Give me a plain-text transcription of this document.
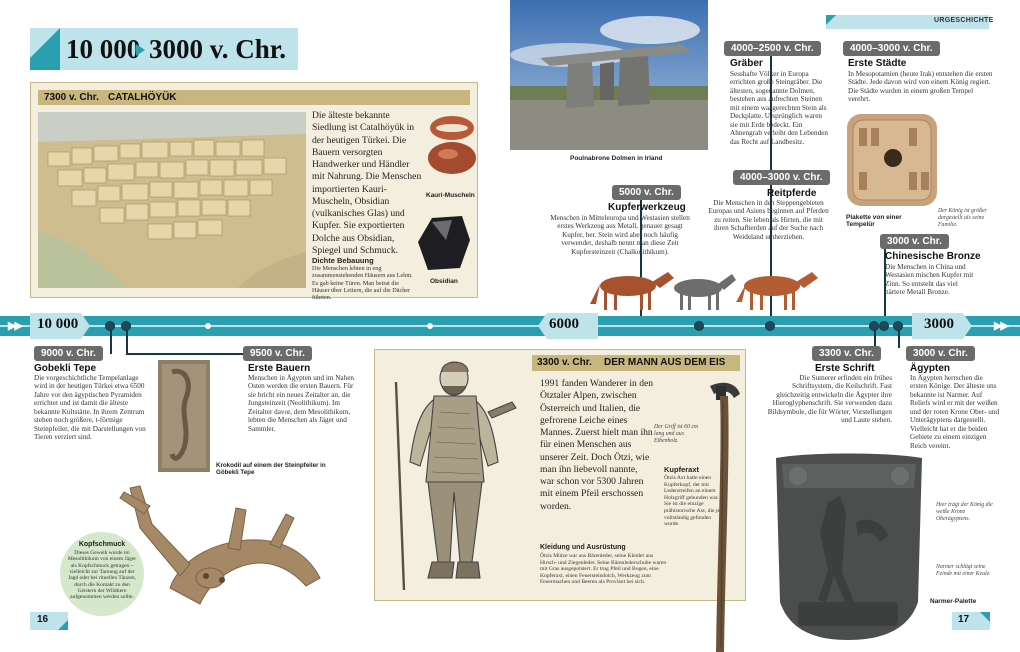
10 000 3000 v. Chr.
7300 v. Chr. CATALHÖYÜK
Die älteste bekannte Siedlung ist Catalhöyük in der heutigen Türkei. Die Bauern versorgten Handwerker und Händler mit Nahrung. Die Menschen importierten Kauri-Muscheln, Obsidian (vulkanisches Glas) und Kupfer. Sie exportierten Dolche aus Obsidian, Spiegel und Schmuck.
Kauri-Muscheln
Obsidian
Dichte Bebauung
Die Menschen lebten in eng zusammenstehenden Häusern aus Lehm. Es gab keine Türen. Man betrat die Häuser über Leitern, die auf die Dächer führten.
Poulnabrone Dolmen in Irland
URGESCHICHTE
4000–2500 v. Chr.
Gräber
Sesshafte Völker in Europa errichten große Steingräber. Die ältesten, sogenannte Dolmen, bestehen aus aufrechten Steinen mit einem waagerechten Stein als Deckplatte. Ursprünglich waren sie mit Erde bedeckt. Ein Ahnengrab verleiht den Lebenden das Recht auf Landbesitz.
4000–3000 v. Chr.
Erste Städte
In Mesopotamien (heute Irak) entstehen die ersten Städte. Jede davon wird von einem König regiert. Die Städte wurden in einem großen Tempel verehrt.
Plakette von einer Tempelür
Der König ist größer dargestellt als seine Familie.
5000 v. Chr.
Kupferwerkzeug
Menschen in Mitteleuropa und Westasien stellen erstes Werkzeug aus Metall, genauer gesagt Kupfer, her. Stein wird aber noch häufig verwendet, deshalb nennt man diese Zeit Kupfersteinzeit (Chalkolithikum).
4000–3000 v. Chr.
Reitpferde
Die Menschen in den Steppengebieten Europas und Asiens beginnen auf Pferden zu reiten. Sie leben als Hirten, die mit ihren Schafherden auf der Suche nach Weideland umherziehen.	3000 v. Chr.
Chinesische Bronze
Die Menschen in China und Westasien mischen Kupfer mit Zinn. So entsteht das viel härtere Metall Bronze.
▶▶	▶▶
10 000	6000	3000
9000 v. Chr.
Gobekli Tepe
Die vorgeschichtliche Tempelanlage wird in der heutigen Türkei etwa 6500 Jahre vor den ägyptischen Pyramiden errichtet und ist damit die älteste bekannte Kultstätte. In ihrem Zentrum stehen noch größere, t-förmige Steinpfeiler, die mit Darstellungen von Tieren verziert sind.
Krokodil auf einem der Steinpfeiler in Göbekli Tepe
9500 v. Chr.
Erste Bauern
Menschen in Ägypten und im Nahen Osten werden die ersten Bauern. Für sie bricht ein neues Zeitalter an, die Jungsteinzeit (Neolithikum). Im Zeitalter davor, dem Mesolithikum, lebten die Menschen als Jäger und Sammler.
Kopfschmuck
Dieses Geweih wurde im Mesolithikum von einem Jäger als Kopfschmuck getragen – vielleicht zur Tarnung auf der Jagd oder bei rituellen Tänzen, durch die Kontakt zu den Geistern der Wildtiere aufgenommen werden sollte.
3300 v. Chr. DER MANN AUS DEM EIS
1991 fanden Wanderer in den Ötztaler Alpen, zwischen Österreich und Italien, die gefrorene Leiche eines Mannes. Zuerst hielt man ihn für einen Menschen aus unserer Zeit. Doch Ötzi, wie man ihn liebevoll nannte, war schon vor 5300 Jahren mit einem Pfeil erschossen worden.
Der Griff ist 60 cm lang und aus Eibenholz.
Kupferaxt
Ötzis Axt hatte einen Kupferkopf, der mit Lederstreifen an einem Holzgriff gebunden war. Sie ist die einzige prähistorische Axt, die je vollständig gefunden wurde.
Kleidung und Ausrüstung
Ötzis Mütze war aus Bärenleder, seine Kleider aus Hirsch- und Ziegenleder. Seine Bärenlederschuhe waren mit Gras ausgepolstert. Er trug Pfeil und Bogen, eine Kupferaxt, einen Feuersteindolch, Werkzeug zum Feuermachen und Beeren als Proviant bei sich.
3300 v. Chr.
Erste Schrift
Die Sumerer erfinden ein frühes Schriftsystem, die Keilschrift. Fast gleichzeitig entwickeln die Ägypter ihre Hieroglyphenschrift. Sie verwenden dazu Bildsymbole, die für Wörter, Vorstellungen und Laute stehen.
3000 v. Chr.
Ägypten
In Ägypten herrschen die ersten Könige. Der älteste uns bekannte ist Narmer. Auf Reliefs wird er mit der weißen und der roten Krone Ober- und Unterägyptens dargestellt. Vielleicht hat er die beiden Gebiete zu einem einzigen Reich vereint.
Hier trägt der König die weiße Krone Oberägyptens.
Narmer schlägt seine Feinde mit einer Keule.
Narmer-Palette
16	17
